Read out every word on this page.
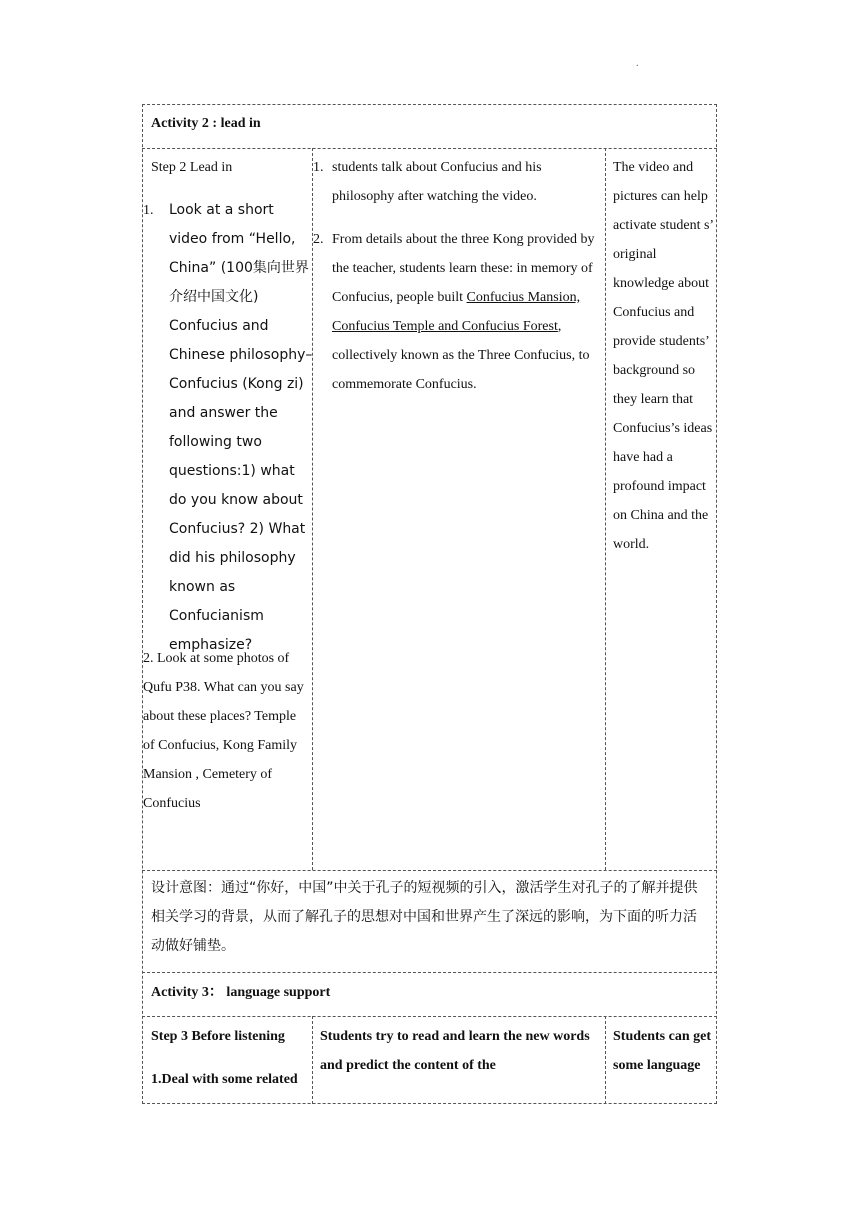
.
Activity 2 : lead in
Step 2 Lead in
1. Look at a short video from “Hello, China” (100集向世界介绍中国文化) Confucius and Chinese philosophy– Confucius (Kong zi) and answer the following two questions:1) what do you know about Confucius? 2) What did his philosophy known as Confucianism emphasize?
2. Look at some photos of Qufu P38. What can you say about these places? Temple of Confucius, Kong Family Mansion , Cemetery of Confucius
1. students talk about Confucius and his philosophy after watching the video.
2. From details about the three Kong provided by the teacher, students learn these: in memory of Confucius, people built Confucius Mansion, Confucius Temple and Confucius Forest, collectively known as the Three Confucius, to commemorate Confucius.
The video and pictures can help activate student s’ original knowledge about Confucius and provide students’ background so they learn that Confucius’s ideas have had a profound impact on China and the world.
设计意图：通过“你好，中国”中关于孔子的短视频的引入，激活学生对孔子的了解并提供相关学习的背景，从而了解孔子的思想对中国和世界产生了深远的影响，为下面的听力活动做好铺垫。
Activity 3： language support
Step 3 Before listening
1.Deal with some related
Students try to read and learn the new words and predict the content of the
Students can get some language
